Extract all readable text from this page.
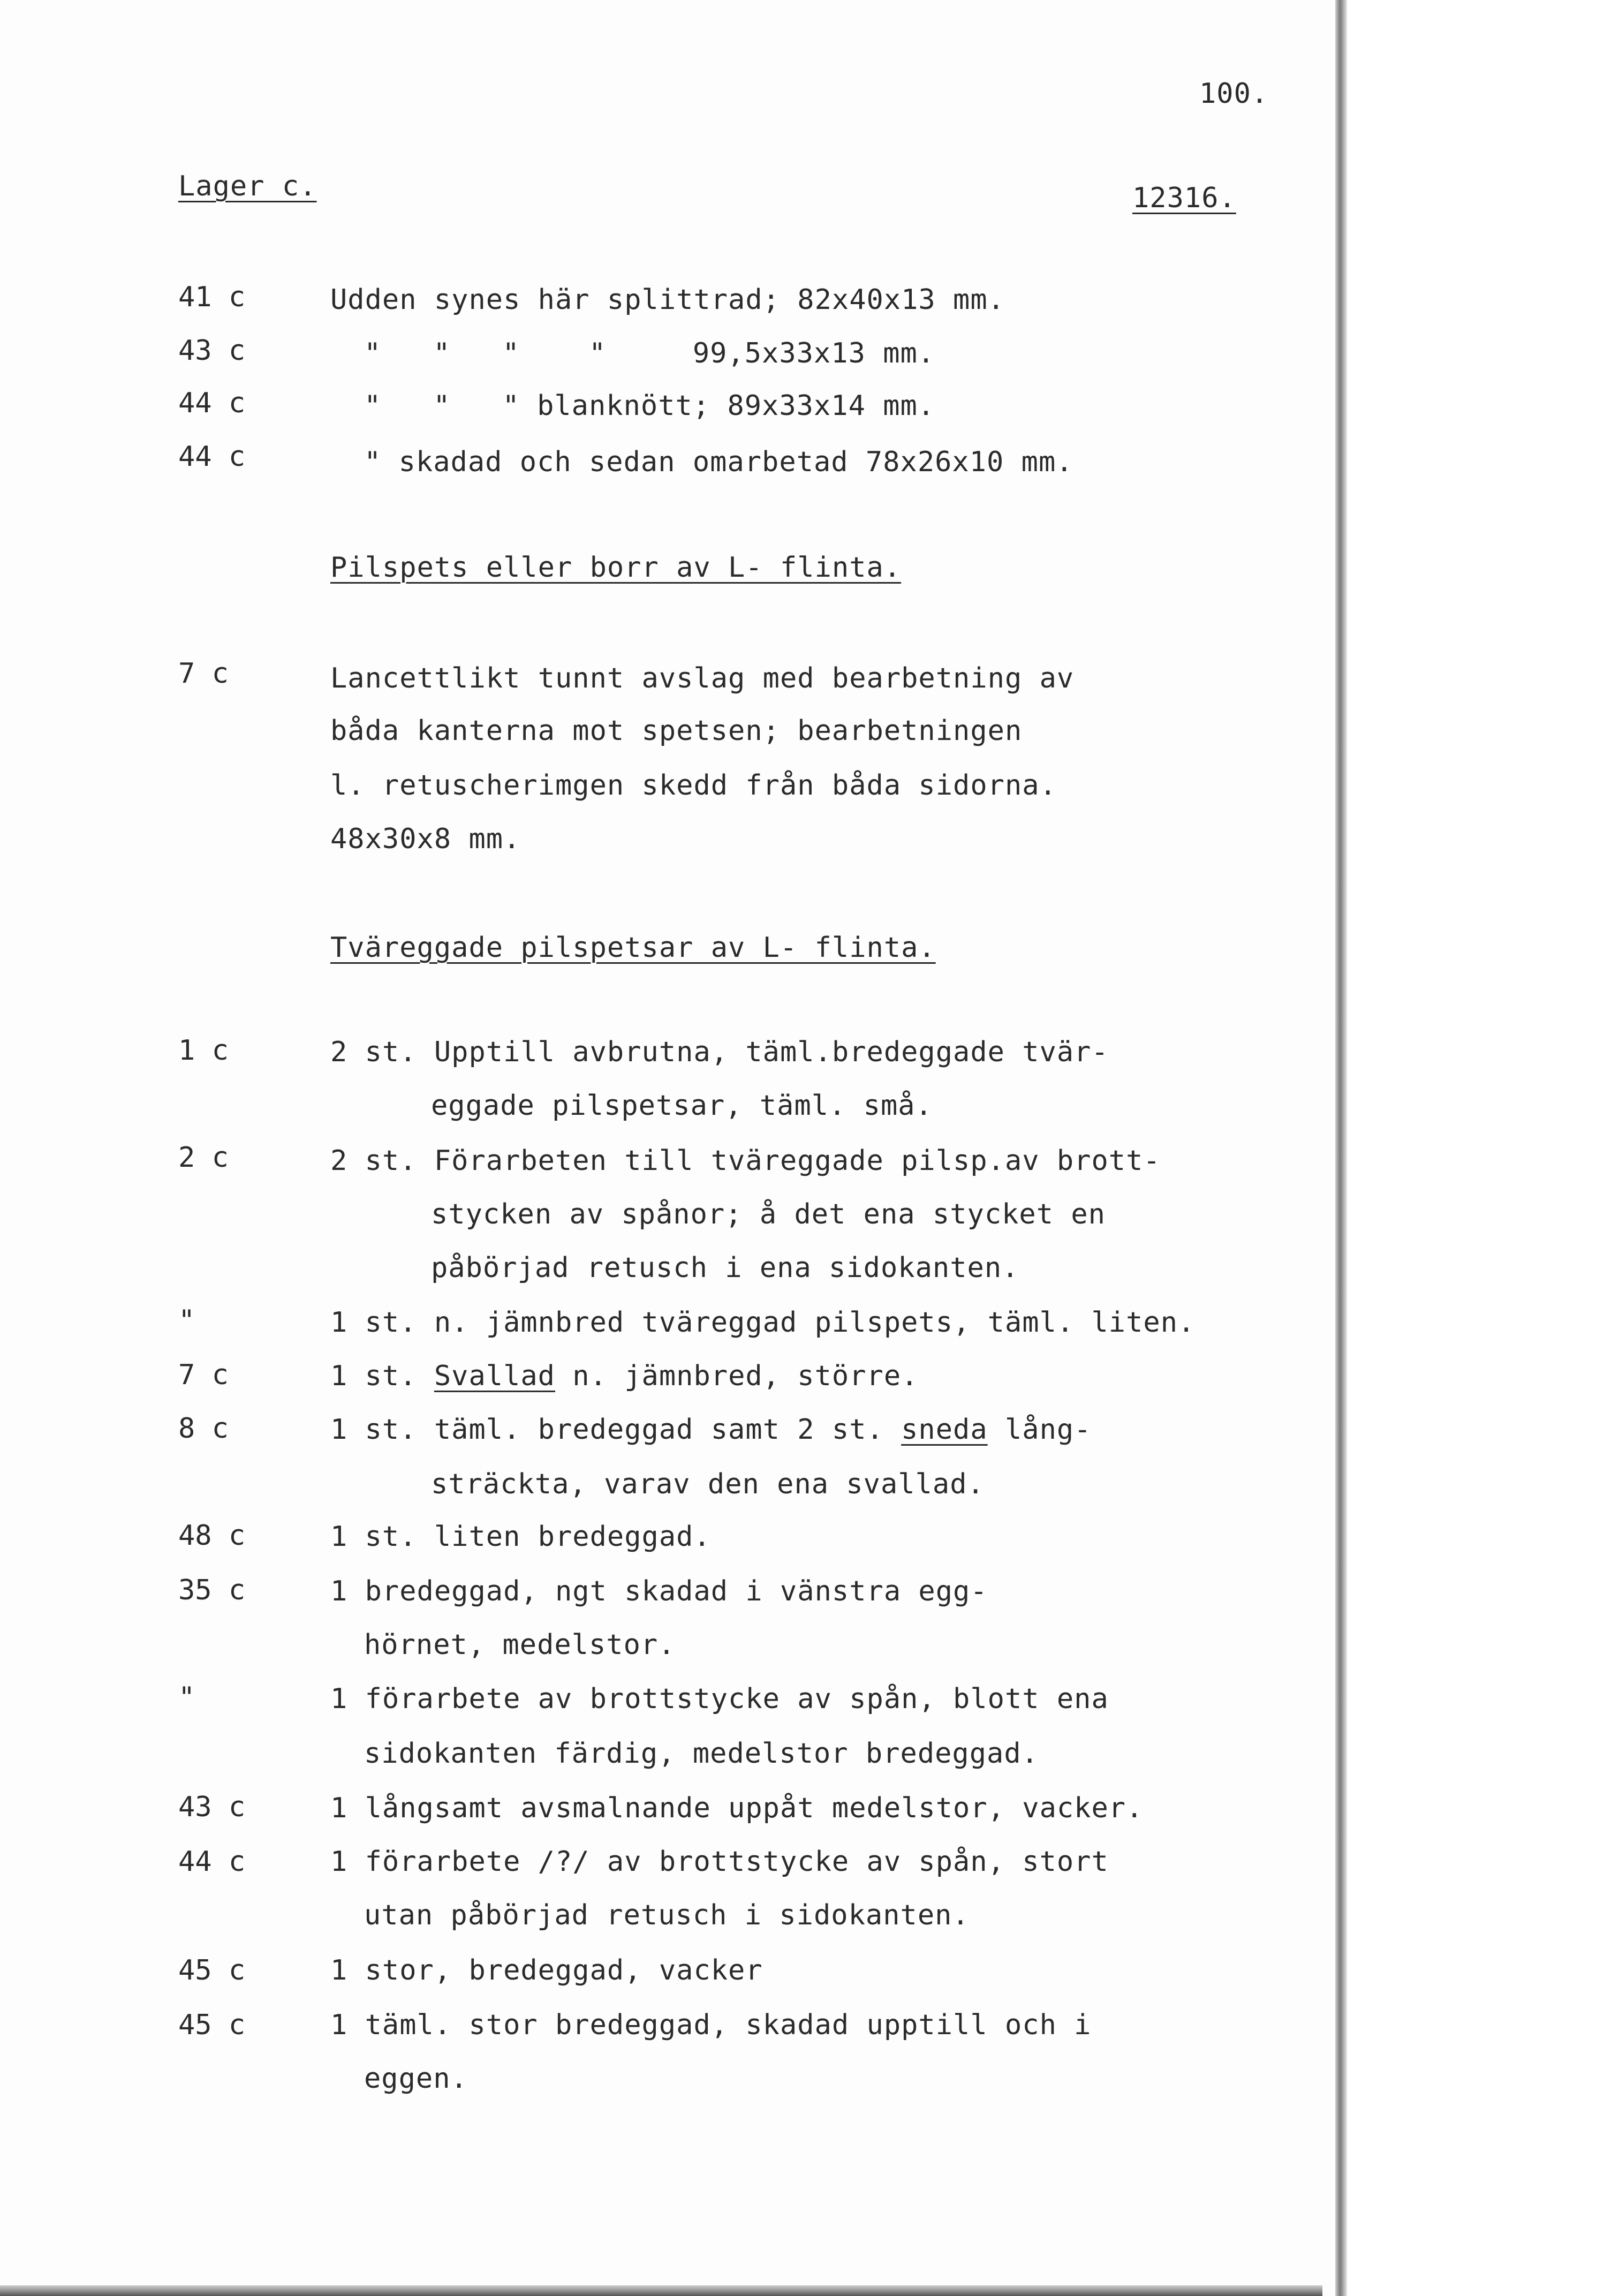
100.
Lager c.	12316.
41 c	Udden synes här splittrad; 82x40x13 mm.
43 c	"   "   "    "     99,5x33x13 mm.
44 c	"   "   " blanknött; 89x33x14 mm.
44 c	" skadad och sedan omarbetad 78x26x10 mm.
Pilspets eller borr av L- flinta.
7 c	Lancettlikt tunnt avslag med bearbetning av
båda kanterna mot spetsen; bearbetningen
l. retuscherimgen skedd från båda sidorna.
48x30x8 mm.
Tväreggade pilspetsar av L- flinta.
1 c	2 st. Upptill avbrutna, täml.bredeggade tvär-
eggade pilspetsar, täml. små.
2 c	2 st. Förarbeten till tväreggade pilsp.av brott-
stycken av spånor; å det ena stycket en
påbörjad retusch i ena sidokanten.
"	1 st. n. jämnbred tväreggad pilspets, täml. liten.
7 c	1 st. Svallad n. jämnbred, större.
8 c	1 st. täml. bredeggad samt 2 st. sneda lång-
sträckta, varav den ena svallad.
48 c	1 st. liten bredeggad.
35 c	1 bredeggad, ngt skadad i vänstra egg-
hörnet, medelstor.
"	1 förarbete av brottstycke av spån, blott ena
sidokanten färdig, medelstor bredeggad.
43 c	1 långsamt avsmalnande uppåt medelstor, vacker.
44 c	1 förarbete /?/ av brottstycke av spån, stort
utan påbörjad retusch i sidokanten.
45 c	1 stor, bredeggad, vacker
45 c	1 täml. stor bredeggad, skadad upptill och i
eggen.
